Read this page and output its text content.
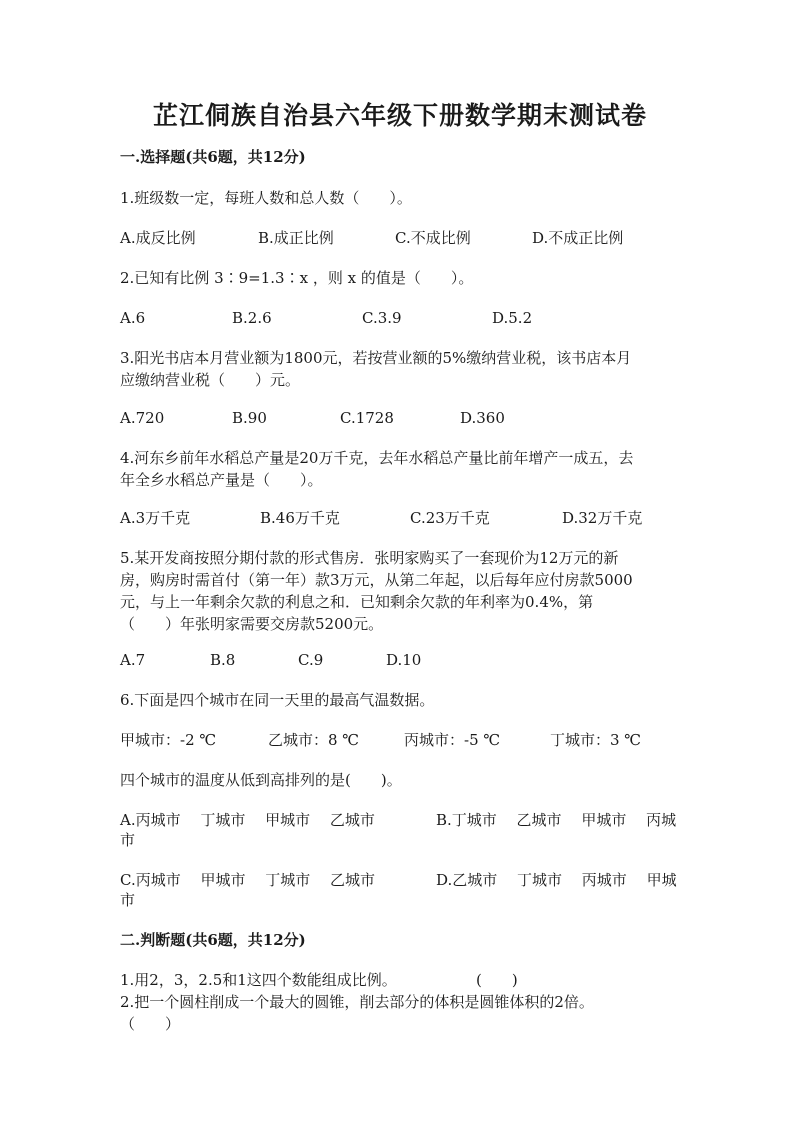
芷江侗族自治县六年级下册数学期末测试卷
一.选择题(共6题，共12分)
1.班级数一定，每班人数和总人数（　　）。
A.成反比例	B.成正比例	C.不成比例	D.不成正比例
2.已知有比例 3∶9=1.3∶x ，则 x 的值是（　　）。
A.6	B.2.6	C.3.9	D.5.2
3.阳光书店本月营业额为1800元，若按营业额的5%缴纳营业税，该书店本月
应缴纳营业税（　　）元。
A.720	B.90	C.1728	D.360
4.河东乡前年水稻总产量是20万千克，去年水稻总产量比前年增产一成五，去
年全乡水稻总产量是（　　）。
A.3万千克	B.46万千克	C.23万千克	D.32万千克
5.某开发商按照分期付款的形式售房．张明家购买了一套现价为12万元的新
房，购房时需首付（第一年）款3万元，从第二年起，以后每年应付房款5000
元，与上一年剩余欠款的利息之和．已知剩余欠款的年利率为0.4%，第
（　　）年张明家需要交房款5200元。
A.7	B.8	C.9	D.10
6.下面是四个城市在同一天里的最高气温数据。
甲城市：-2 ℃	乙城市：8 ℃	丙城市：-5 ℃	丁城市：3 ℃
四个城市的温度从低到高排列的是(　　)。
A.丙城市　 丁城市　 甲城市　 乙城市
市
B.丁城市　 乙城市　 甲城市　 丙城
C.丙城市　 甲城市　 丁城市　 乙城市
市
D.乙城市　 丁城市　 丙城市　 甲城
二.判断题(共6题，共12分)
1.用2，3，2.5和1这四个数能组成比例。	(　　)
2.把一个圆柱削成一个最大的圆锥，削去部分的体积是圆锥体积的2倍。
（　　）
